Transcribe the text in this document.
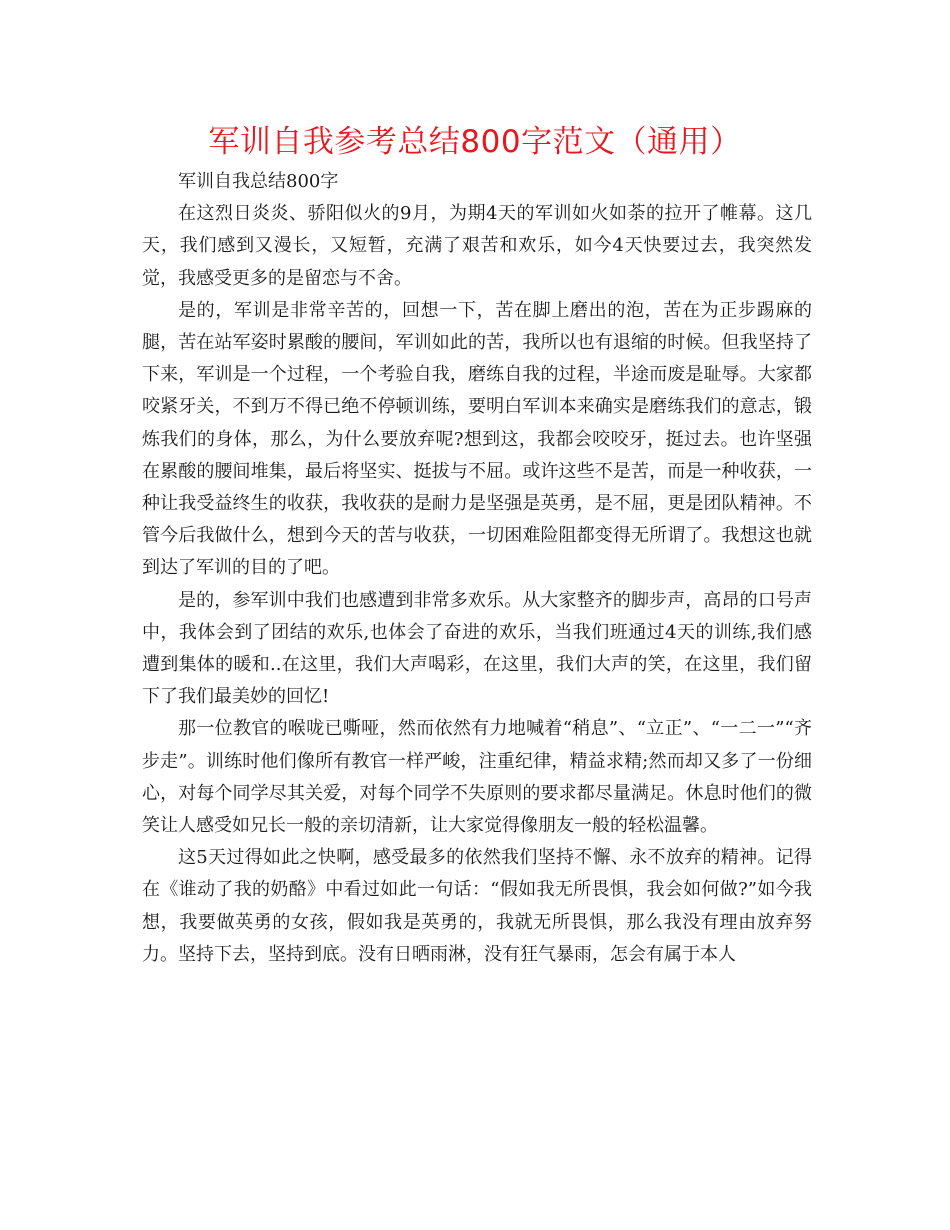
军训自我参考总结800字范文（通用）

军训自我总结800字

在这烈日炎炎、骄阳似火的9月，为期4天的军训如火如荼的拉开了帷幕。这几天，我们感到又漫长，又短暂，充满了艰苦和欢乐，如今4天快要过去，我突然发觉，我感受更多的是留恋与不舍。

是的，军训是非常辛苦的，回想一下，苦在脚上磨出的泡，苦在为正步踢麻的腿，苦在站军姿时累酸的腰间，军训如此的苦，我所以也有退缩的时候。但我坚持了下来，军训是一个过程，一个考验自我，磨练自我的过程，半途而废是耻辱。大家都咬紧牙关，不到万不得已绝不停顿训练，要明白军训本来确实是磨练我们的意志，锻炼我们的身体，那么，为什么要放弃呢?想到这，我都会咬咬牙，挺过去。也许坚强在累酸的腰间堆集，最后将坚实、挺拔与不屈。或许这些不是苦，而是一种收获，一种让我受益终生的收获，我收获的是耐力是坚强是英勇，是不屈，更是团队精神。不管今后我做什么，想到今天的苦与收获，一切困难险阻都变得无所谓了。我想这也就到达了军训的目的了吧。

是的，参军训中我们也感遭到非常多欢乐。从大家整齐的脚步声，高昂的口号声中，我体会到了团结的欢乐,也体会了奋进的欢乐，当我们班通过4天的训练,我们感遭到集体的暖和..在这里，我们大声喝彩，在这里，我们大声的笑，在这里，我们留下了我们最美妙的回忆!

那一位教官的喉咙已嘶哑，然而依然有力地喊着“稍息”、“立正”、“一二一”“齐步走”。训练时他们像所有教官一样严峻，注重纪律，精益求精;然而却又多了一份细心，对每个同学尽其关爱，对每个同学不失原则的要求都尽量满足。休息时他们的微笑让人感受如兄长一般的亲切清新，让大家觉得像朋友一般的轻松温馨。

这5天过得如此之快啊，感受最多的依然我们坚持不懈、永不放弃的精神。记得在《谁动了我的奶酪》中看过如此一句话：“假如我无所畏惧，我会如何做?”如今我想，我要做英勇的女孩，假如我是英勇的，我就无所畏惧，那么我没有理由放弃努力。坚持下去，坚持到底。没有日晒雨淋，没有狂气暴雨，怎会有属于本人
